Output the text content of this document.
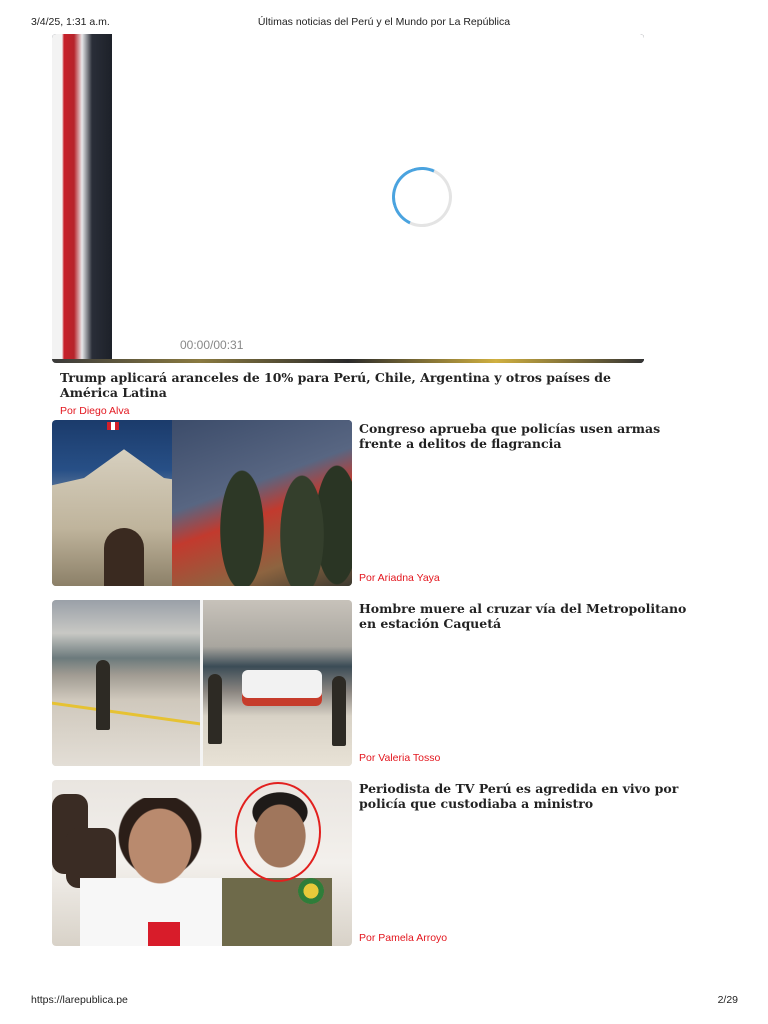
3/4/25, 1:31 a.m.	Últimas noticias del Perú y el Mundo por La República
00:00/00:31
Trump aplicará aranceles de 10% para Perú, Chile, Argentina y otros países de América Latina
Por Diego Alva
Congreso aprueba que policías usen armas frente a delitos de flagrancia
Por Ariadna Yaya
Hombre muere al cruzar vía del Metropolitano en estación Caquetá
Por Valeria Tosso
Periodista de TV Perú es agredida en vivo por policía que custodiaba a ministro
Por Pamela Arroyo
https://larepublica.pe	2/29
